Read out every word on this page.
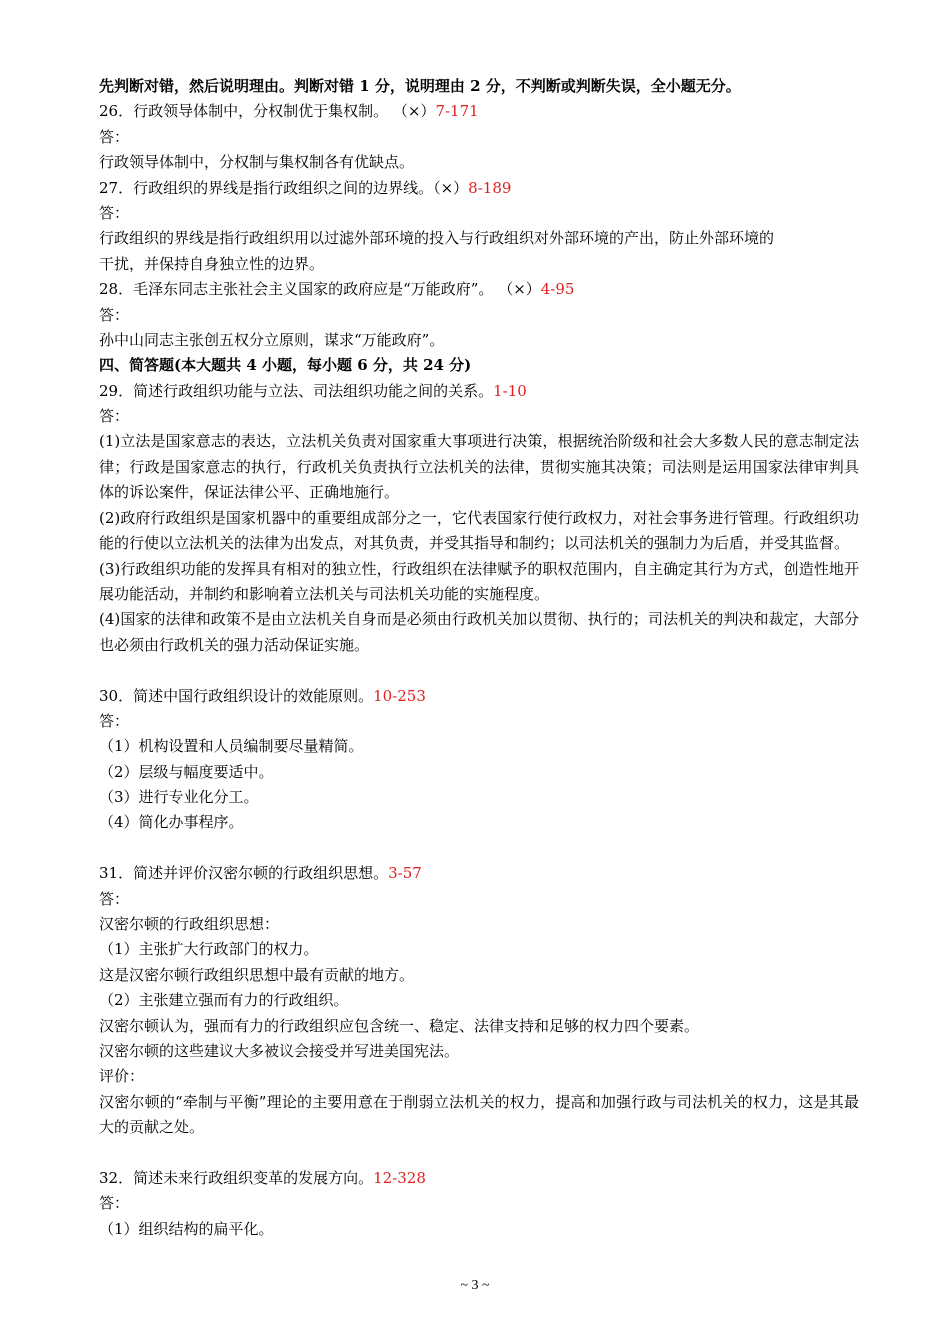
先判断对错，然后说明理由。判断对错 1 分，说明理由 2 分，不判断或判断失误，全小题无分。
26．行政领导体制中，分权制优于集权制。 （×）7-171
答：
行政领导体制中，分权制与集权制各有优缺点。
27．行政组织的界线是指行政组织之间的边界线。（×）8-189
答：
行政组织的界线是指行政组织用以过滤外部环境的投入与行政组织对外部环境的产出，防止外部环境的
干扰，并保持自身独立性的边界。
28．毛泽东同志主张社会主义国家的政府应是“万能政府”。 （×）4-95
答：
孙中山同志主张创五权分立原则，谋求“万能政府”。
四、简答题(本大题共 4 小题，每小题 6 分，共 24 分)
29．简述行政组织功能与立法、司法组织功能之间的关系。1-10
答：
(1)立法是国家意志的表达，立法机关负责对国家重大事项进行决策，根据统治阶级和社会大多数人民的意志制定法律；行政是国家意志的执行，行政机关负责执行立法机关的法律，贯彻实施其决策；司法则是运用国家法律审判具体的诉讼案件，保证法律公平、正确地施行。
(2)政府行政组织是国家机器中的重要组成部分之一，它代表国家行使行政权力，对社会事务进行管理。行政组织功能的行使以立法机关的法律为出发点，对其负责，并受其指导和制约；以司法机关的强制力为后盾，并受其监督。
(3)行政组织功能的发挥具有相对的独立性，行政组织在法律赋予的职权范围内，自主确定其行为方式，创造性地开展功能活动，并制约和影响着立法机关与司法机关功能的实施程度。
(4)国家的法律和政策不是由立法机关自身而是必须由行政机关加以贯彻、执行的；司法机关的判决和裁定，大部分也必须由行政机关的强力活动保证实施。
30．简述中国行政组织设计的效能原则。10-253
答：
（1）机构设置和人员编制要尽量精简。
（2）层级与幅度要适中。
（3）进行专业化分工。
（4）简化办事程序。
31．简述并评价汉密尔顿的行政组织思想。3-57
答：
汉密尔顿的行政组织思想：
（1）主张扩大行政部门的权力。
这是汉密尔顿行政组织思想中最有贡献的地方。
（2）主张建立强而有力的行政组织。
汉密尔顿认为，强而有力的行政组织应包含统一、稳定、法律支持和足够的权力四个要素。
汉密尔顿的这些建议大多被议会接受并写进美国宪法。
评价：
汉密尔顿的“牵制与平衡”理论的主要用意在于削弱立法机关的权力，提高和加强行政与司法机关的权力，这是其最大的贡献之处。
32．简述未来行政组织变革的发展方向。12-328
答：
（1）组织结构的扁平化。
~ 3 ~
